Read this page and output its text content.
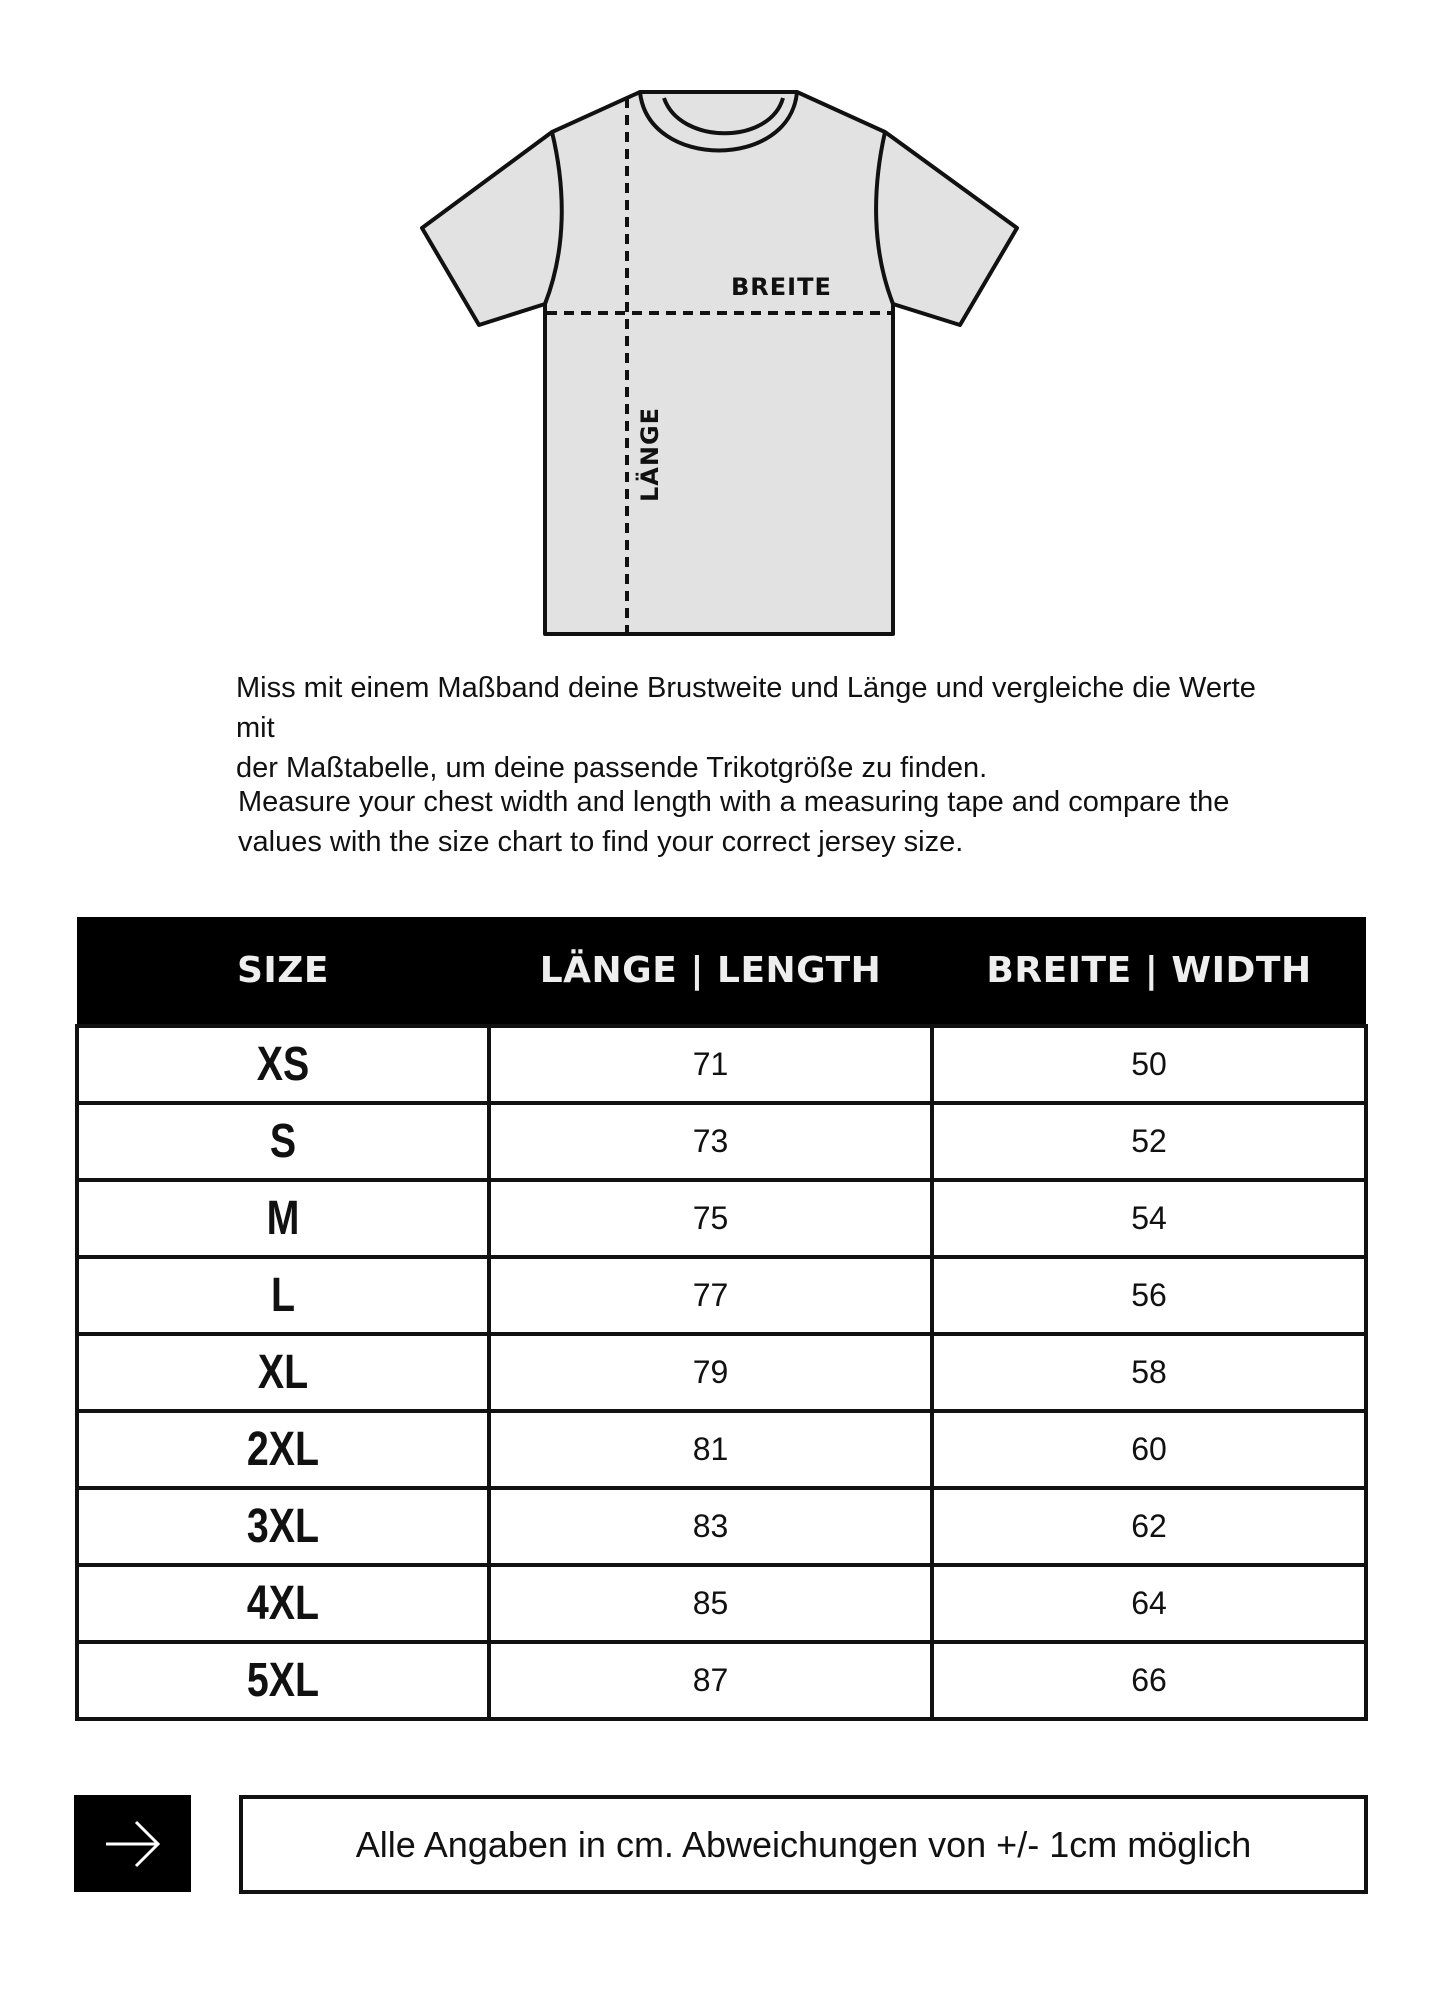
BREITE
LÄNGE
Miss mit einem Maßband deine Brustweite und Länge und vergleiche die Werte mit
der Maßtabelle, um deine passende Trikotgröße zu finden.
Measure your chest width and length with a measuring tape and compare the
values with the size chart to find your correct jersey size.
SIZE	LÄNGE | LENGTH	BREITE | WIDTH
XS	71	50
S	73	52
M	75	54
L	77	56
XL	79	58
2XL	81	60
3XL	83	62
4XL	85	64
5XL	87	66
Alle Angaben in cm. Abweichungen von +/- 1cm möglich
